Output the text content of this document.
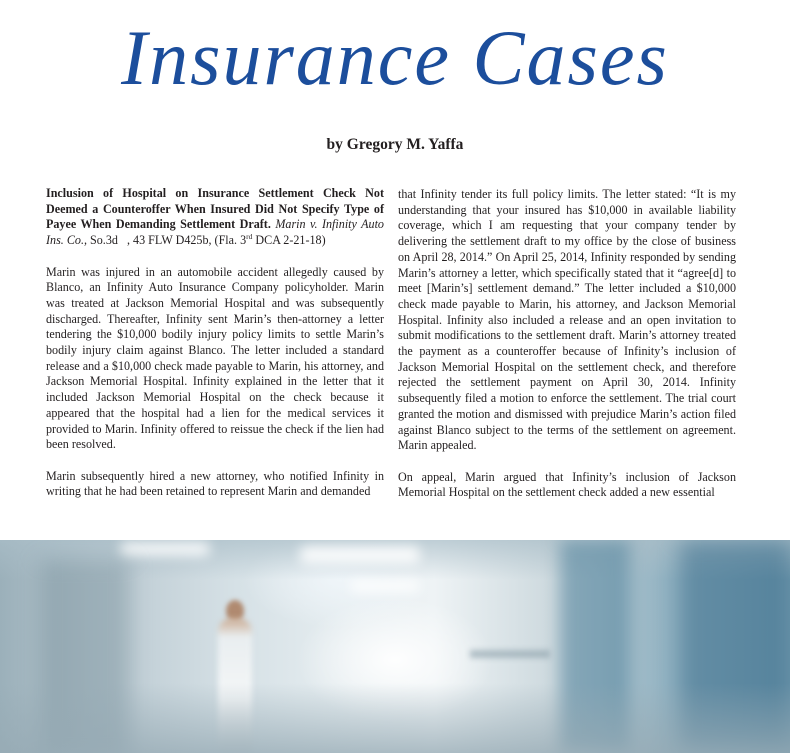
Insurance Cases
by Gregory M. Yaffa

Inclusion of Hospital on Insurance Settlement Check Not Deemed a Counteroffer When Insured Did Not Specify Type of Payee When Demanding Settlement Draft. Marin v. Infinity Auto Ins. Co., So.3d   , 43 FLW D425b, (Fla. 3rd DCA 2-21-18)

Marin was injured in an automobile accident allegedly caused by Blanco, an Infinity Auto Insurance Company policyholder. Marin was treated at Jackson Memorial Hospital and was subsequently discharged. Thereafter, Infinity sent Marin’s then-attorney a letter tendering the $10,000 bodily injury policy limits to settle Marin’s bodily injury claim against Blanco. The letter included a standard release and a $10,000 check made payable to Marin, his attorney, and Jackson Memorial Hospital. Infinity explained in the letter that it included Jackson Memorial Hospital on the check because it appeared that the hospital had a lien for the medical services it provided to Marin. Infinity offered to reissue the check if the lien had been resolved.

Marin subsequently hired a new attorney, who notified Infinity in writing that he had been retained to represent Marin and demanded

that Infinity tender its full policy limits. The letter stated: “It is my understanding that your insured has $10,000 in available liability coverage, which I am requesting that your company tender by delivering the settlement draft to my office by the close of business on April 28, 2014.” On April 25, 2014, Infinity responded by sending Marin’s attorney a letter, which specifically stated that it “agree[d] to meet [Marin’s] settlement demand.” The letter included a $10,000 check made payable to Marin, his attorney, and Jackson Memorial Hospital. Infinity also included a release and an open invitation to submit modifications to the settlement draft. Marin’s attorney treated the payment as a counteroffer because of Infinity’s inclusion of Jackson Memorial Hospital on the settlement check, and therefore rejected the settlement payment on April 30, 2014. Infinity subsequently filed a motion to enforce the settlement. The trial court granted the motion and dismissed with prejudice Marin’s action filed against Blanco subject to the terms of the settlement on agreement. Marin appealed.

On appeal, Marin argued that Infinity’s inclusion of Jackson Memorial Hospital on the settlement check added a new essential
